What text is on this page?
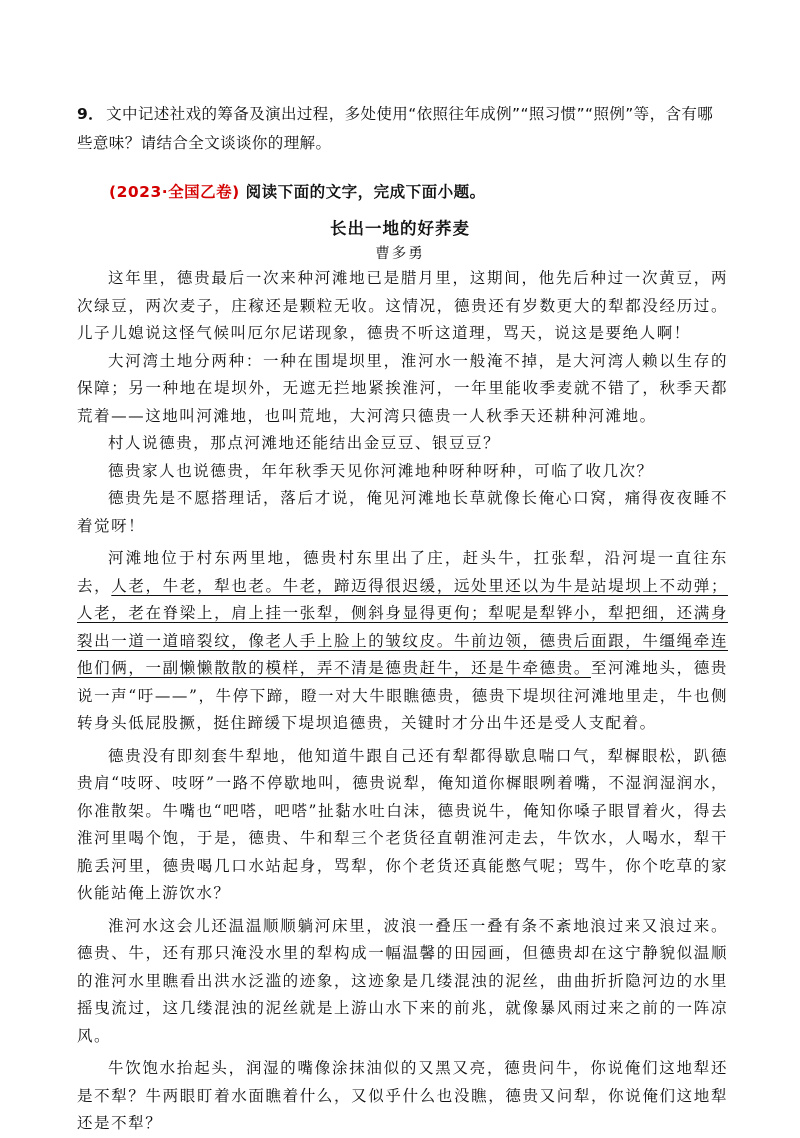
9． 文中记述社戏的筹备及演出过程，多处使用“依照往年成例”“照习惯”“照例”等，含有哪些意味？请结合全文谈谈你的理解。
(2023·全国乙卷) 阅读下面的文字，完成下面小题。
长出一地的好荞麦
曹多勇

这年里，德贵最后一次来种河滩地已是腊月里，这期间，他先后种过一次黄豆，两次绿豆，两次麦子，庄稼还是颗粒无收。这情况，德贵还有岁数更大的犁都没经历过。儿子儿媳说这怪气候叫厄尔尼诺现象，德贵不听这道理，骂天，说这是要绝人啊！

大河湾土地分两种：一种在围堤坝里，淮河水一般淹不掉，是大河湾人赖以生存的保障；另一种地在堤坝外，无遮无拦地紧挨淮河，一年里能收季麦就不错了，秋季天都荒着——这地叫河滩地，也叫荒地，大河湾只德贵一人秋季天还耕种河滩地。

村人说德贵，那点河滩地还能结出金豆豆、银豆豆？

德贵家人也说德贵，年年秋季天见你河滩地种呀种呀种，可临了收几次？

德贵先是不愿搭理话，落后才说，俺见河滩地长草就像长俺心口窝，痛得夜夜睡不着觉呀！

河滩地位于村东两里地，德贵村东里出了庄，赶头牛，扛张犁，沿河堤一直往东去，人老，牛老，犁也老。牛老，蹄迈得很迟缓，远处里还以为牛是站堤坝上不动弹；人老，老在脊梁上，肩上挂一张犁，侧斜身显得更佝；犁呢是犁铧小，犁把细，还满身裂出一道一道暗裂纹，像老人手上脸上的皱纹皮。牛前边领，德贵后面跟，牛缰绳牵连他们俩，一副懒懒散散的模样，弄不清是德贵赶牛，还是牛牵德贵。至河滩地头，德贵说一声“吁——”，牛停下蹄，瞪一对大牛眼瞧德贵，德贵下堤坝往河滩地里走，牛也侧转身头低屁股撅，挺住蹄缓下堤坝追德贵，关键时才分出牛还是受人支配着。

德贵没有即刻套牛犁地，他知道牛跟自己还有犁都得歇息喘口气，犁樨眼松，趴德贵肩“吱呀、吱呀”一路不停歇地叫，德贵说犁，俺知道你樨眼咧着嘴，不湿润湿润水，你准散架。牛嘴也“吧嗒，吧嗒”扯黏水吐白沫，德贵说牛，俺知你嗓子眼冒着火，得去淮河里喝个饱，于是，德贵、牛和犁三个老货径直朝淮河走去，牛饮水，人喝水，犁干脆丢河里，德贵喝几口水站起身，骂犁，你个老货还真能憋气呢；骂牛，你个吃草的家伙能站俺上游饮水？

淮河水这会儿还温温顺顺躺河床里，波浪一叠压一叠有条不紊地浪过来又浪过来。德贵、牛，还有那只淹没水里的犁构成一幅温馨的田园画，但德贵却在这宁静貌似温顺的淮河水里瞧看出洪水泛滥的迹象，这迹象是几缕混浊的泥丝，曲曲折折隐河边的水里摇曳流过，这几缕混浊的泥丝就是上游山水下来的前兆，就像暴风雨过来之前的一阵凉风。

牛饮饱水抬起头，润湿的嘴像涂抹油似的又黑又亮，德贵问牛，你说俺们这地犁还是不犁？牛两眼盯着水面瞧着什么，又似乎什么也没瞧，德贵又问犁，你说俺们这地犁还是不犁？
